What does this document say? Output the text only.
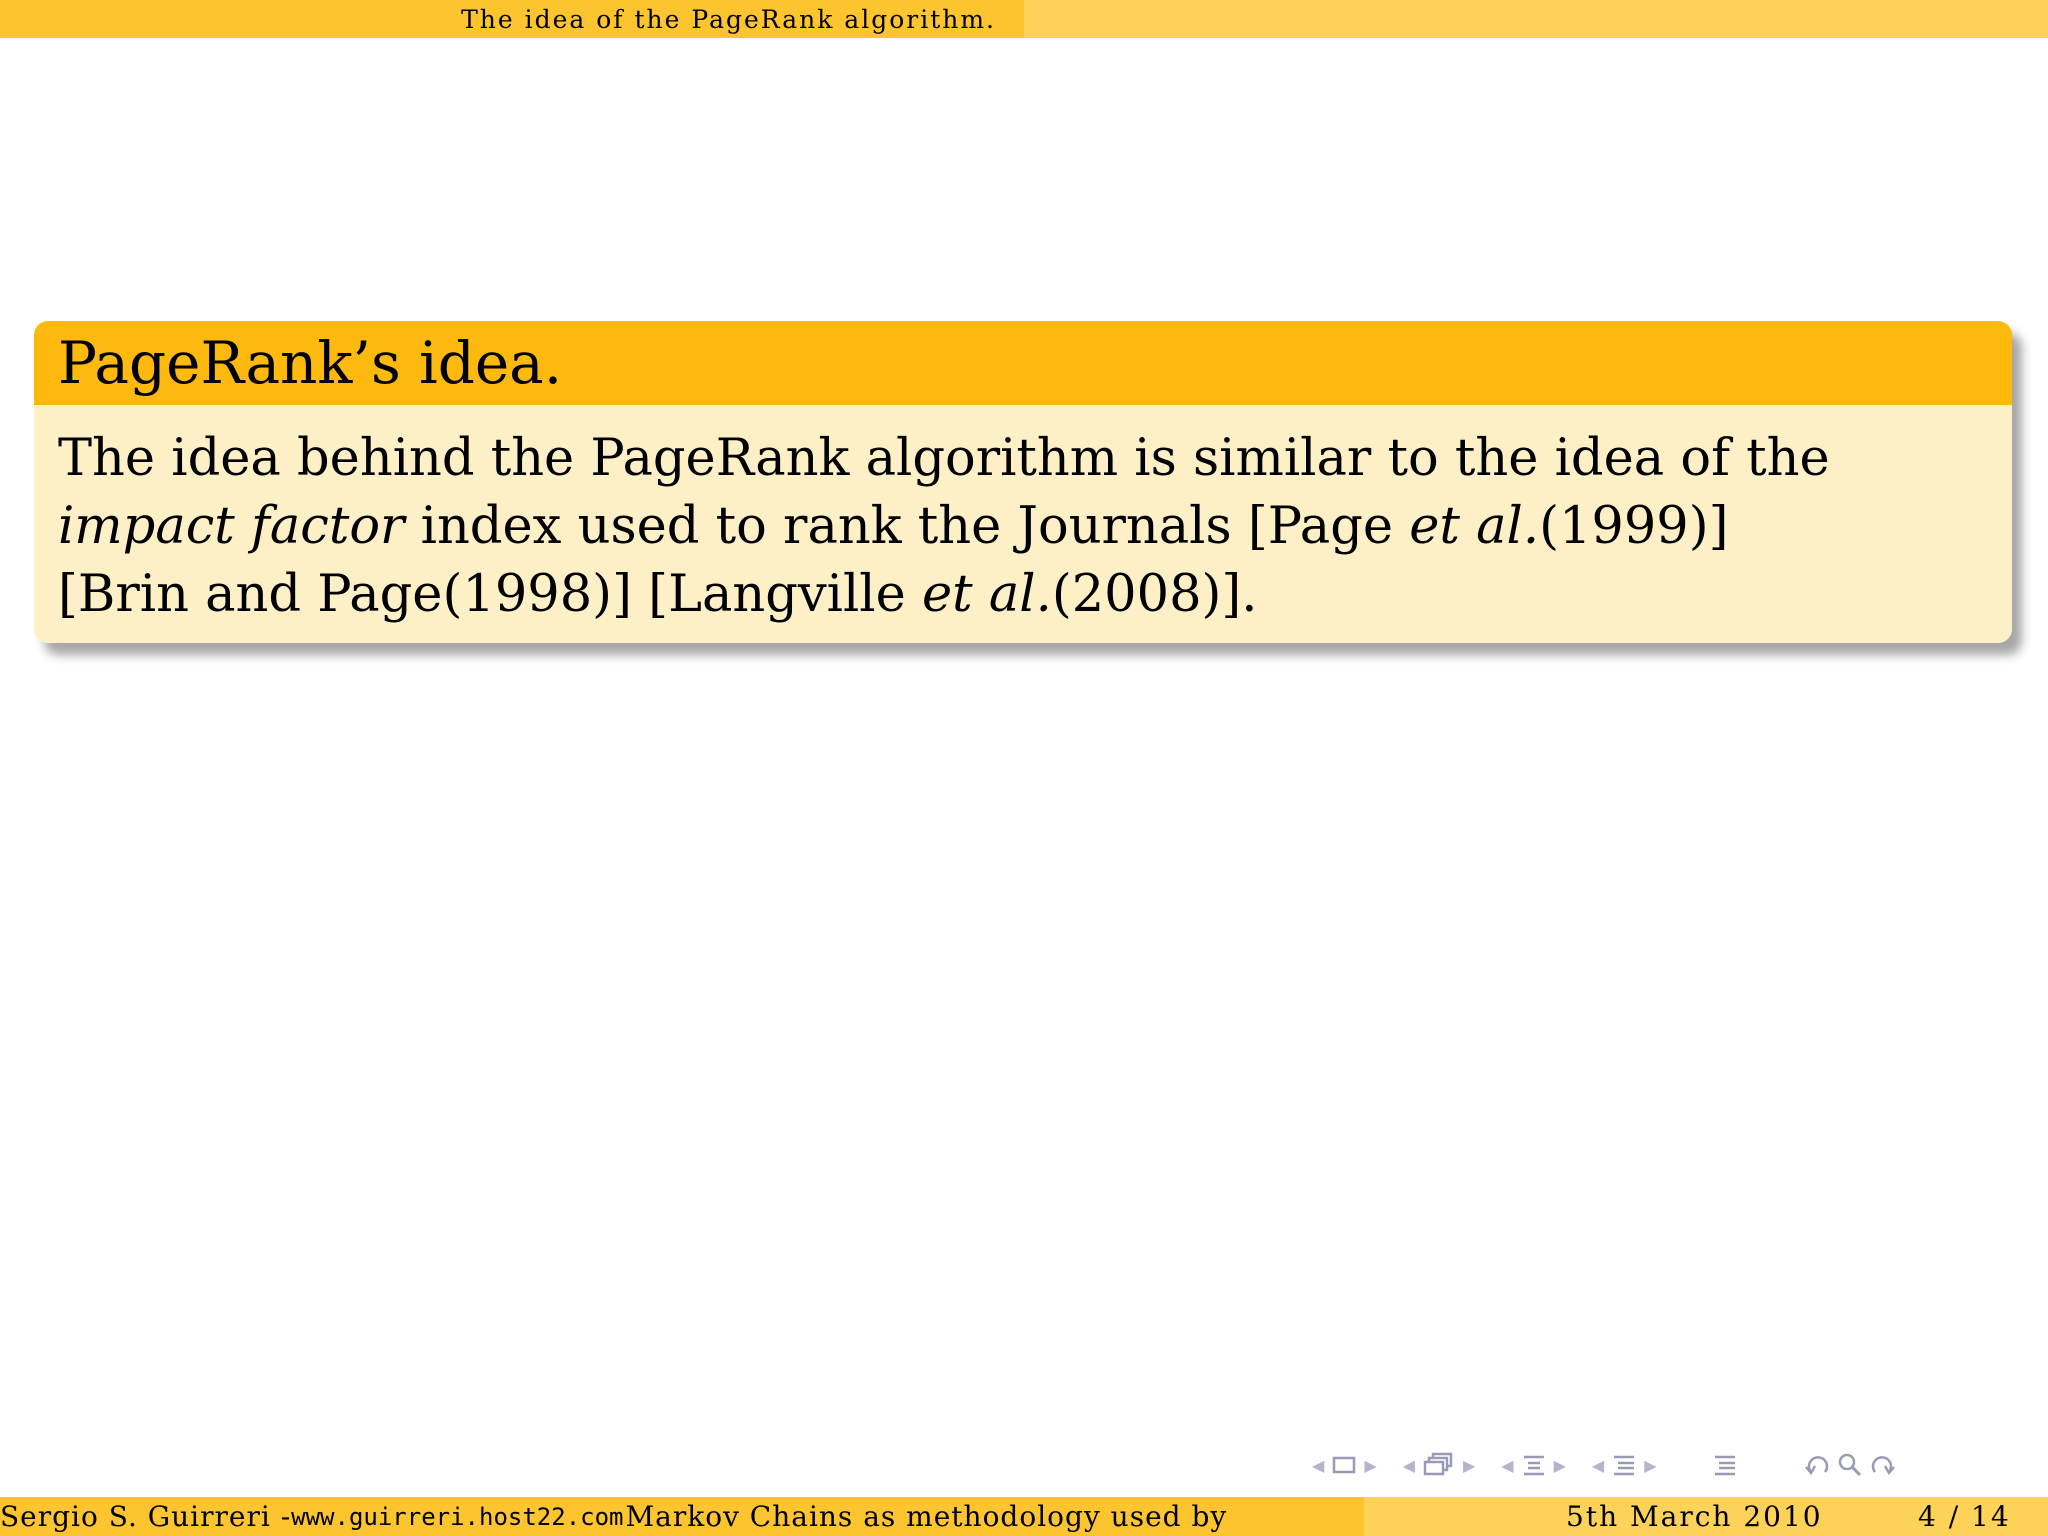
The idea of the PageRank algorithm.
PageRank’s idea.
The idea behind the PageRank algorithm is similar to the idea of the impact factor index used to rank the Journals [Page et al.(1999)]
[Brin and Page(1998)] [Langville et al.(2008)].
◀	▶ ◀	▶ ◀	▶ ◀	▶
Sergio S. Guirreri - www.guirreri.host22.com Markov Chains as methodology used by	5th March 2010	4 / 14
